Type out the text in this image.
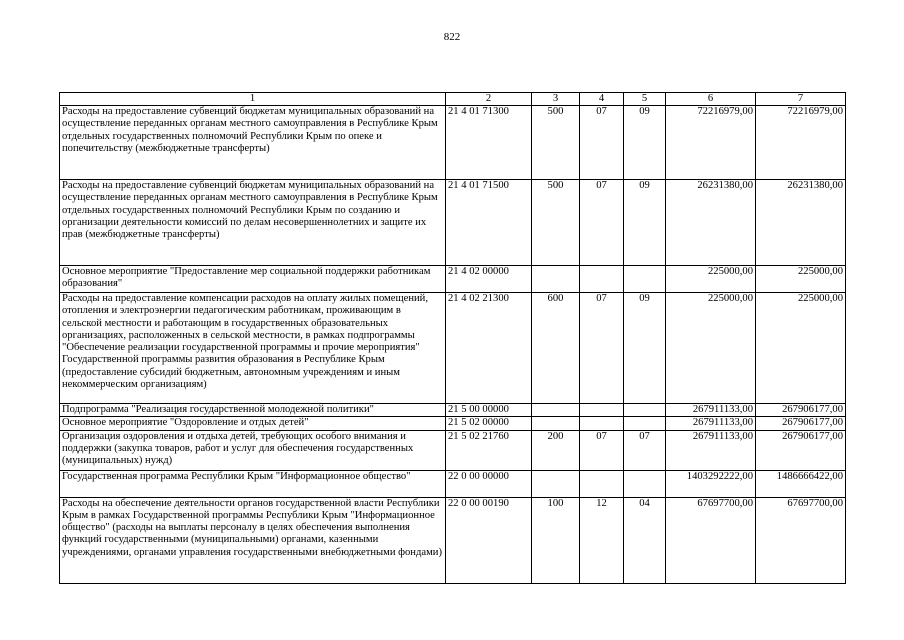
822
1	2	3	4	5	6	7
Расходы на предоставление субвенций бюджетам муниципальных образований на осуществление переданных органам местного самоуправления в Республике Крым отдельных государственных полномочий Республики Крым по опеке и попечительству (межбюджетные трансферты)	21 4 01 71300	500	07	09	72216979,00	72216979,00
Расходы на предоставление субвенций бюджетам муниципальных образований на осуществление переданных органам местного самоуправления в Республике Крым отдельных государственных полномочий Республики Крым по созданию и организации деятельности комиссий по делам несовершеннолетних и защите их прав (межбюджетные трансферты)	21 4 01 71500	500	07	09	26231380,00	26231380,00
Основное мероприятие "Предоставление мер социальной поддержки работникам образования"	21 4 02 00000				225000,00	225000,00
Расходы на предоставление компенсации расходов на оплату жилых помещений, отопления и электроэнергии педагогическим работникам, проживающим в сельской местности и работающим в государственных образовательных организациях, расположенных в сельской местности, в рамках подпрограммы "Обеспечение реализации государственной программы и прочие мероприятия" Государственной программы развития образования в Республике Крым (предоставление субсидий бюджетным, автономным учреждениям и иным некоммерческим организациям)	21 4 02 21300	600	07	09	225000,00	225000,00
Подпрограмма "Реализация государственной молодежной политики"	21 5 00 00000				267911133,00	267906177,00
Основное мероприятие "Оздоровление и отдых детей"	21 5 02 00000				267911133,00	267906177,00
Организация оздоровления и отдыха детей, требующих особого внимания и поддержки (закупка товаров, работ и услуг для обеспечения государственных (муниципальных) нужд)	21 5 02 21760	200	07	07	267911133,00	267906177,00
Государственная программа Республики Крым "Информационное общество"	22 0 00 00000				1403292222,00	1486666422,00
Расходы на обеспечение деятельности органов государственной власти Республики Крым в рамках Государственной программы Республики Крым "Информационное общество" (расходы на выплаты персоналу в целях обеспечения выполнения функций государственными (муниципальными) органами, казенными учреждениями, органами управления государственными внебюджетными фондами)	22 0 00 00190	100	12	04	67697700,00	67697700,00
